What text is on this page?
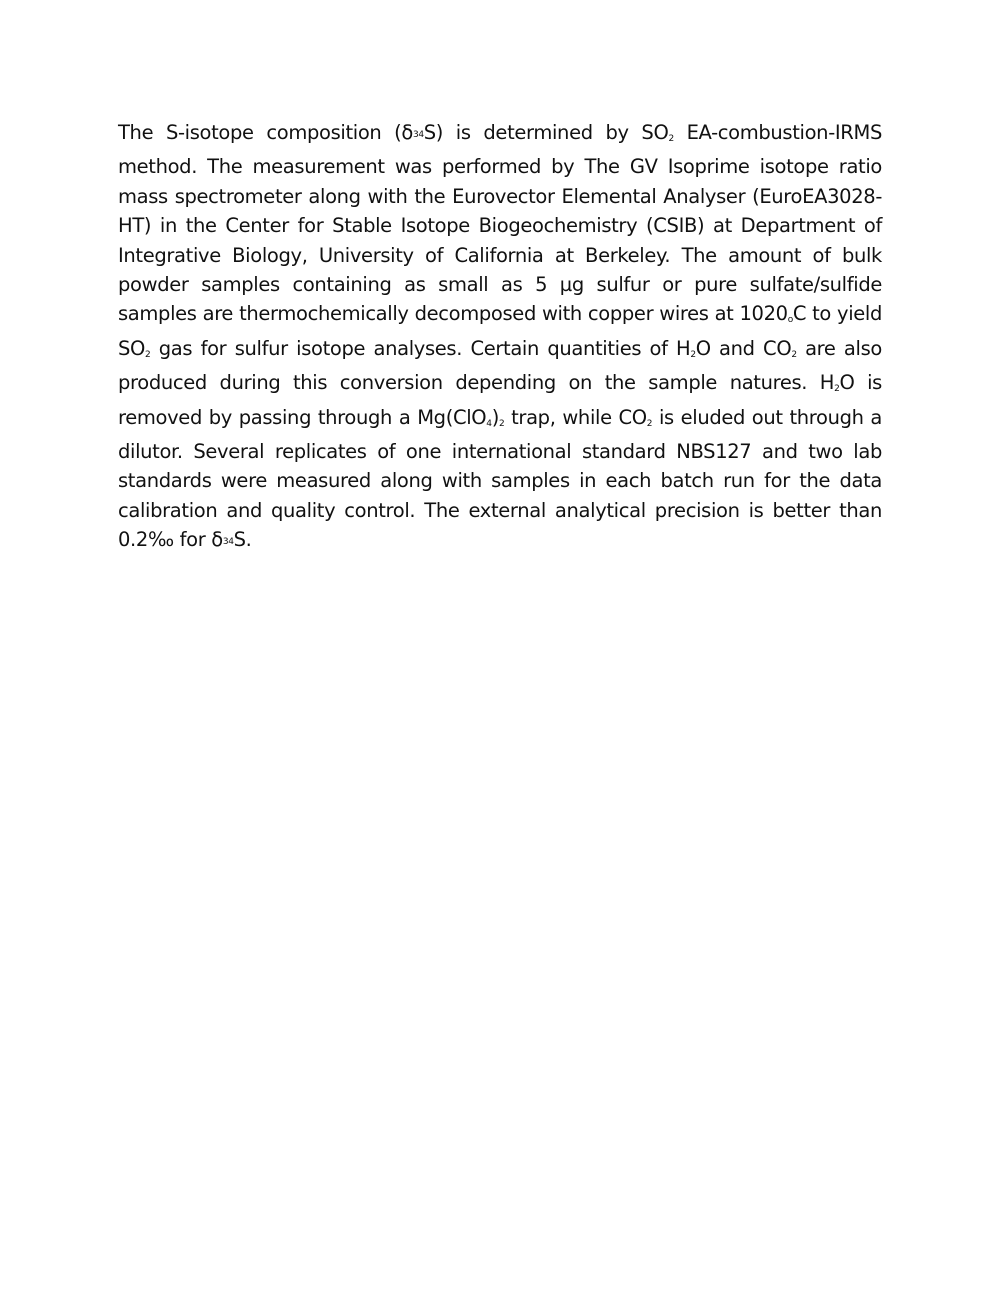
The S-isotope composition (δ34S) is determined by SO2 EA-combustion-IRMS method. The measurement was performed by The GV Isoprime isotope ratio mass spectrometer along with the Eurovector Elemental Analyser (EuroEA3028-HT) in the Center for Stable Isotope Biogeochemistry (CSIB) at Department of Integrative Biology, University of California at Berkeley. The amount of bulk powder samples containing as small as 5 µg sulfur or pure sulfate/sulfide samples are thermochemically decomposed with copper wires at 1020oC to yield SO2 gas for sulfur isotope analyses. Certain quantities of H2O and CO2 are also produced during this conversion depending on the sample natures. H2O is removed by passing through a Mg(ClO4)2 trap, while CO2 is eluded out through a dilutor. Several replicates of one international standard NBS127 and two lab standards were measured along with samples in each batch run for the data calibration and quality control. The external analytical precision is better than 0.2‰ for δ34S.
